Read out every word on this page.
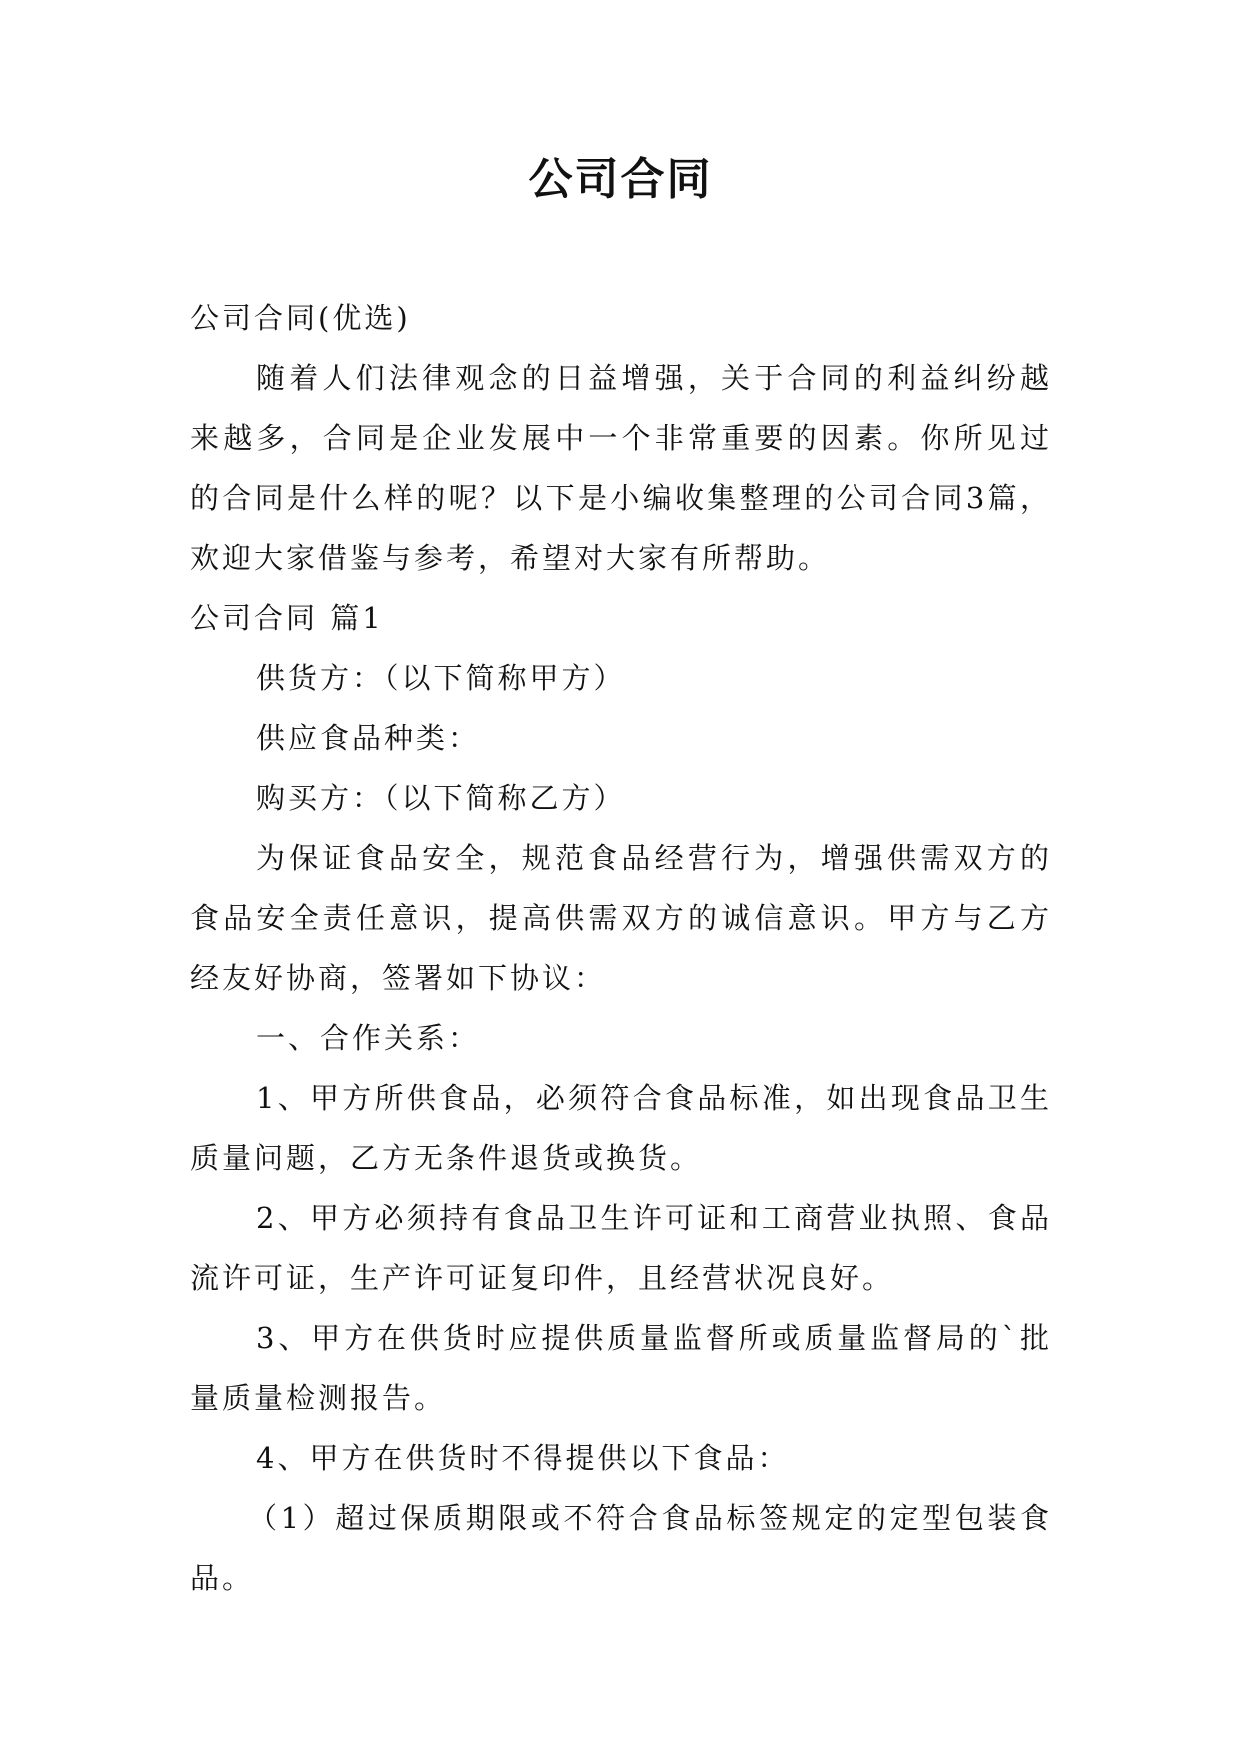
公司合同

公司合同(优选)

随着人们法律观念的日益增强，关于合同的利益纠纷越来越多，合同是企业发展中一个非常重要的因素。你所见过的合同是什么样的呢？以下是小编收集整理的公司合同3篇，欢迎大家借鉴与参考，希望对大家有所帮助。

公司合同 篇1

供货方：（以下简称甲方）

供应食品种类：

购买方：（以下简称乙方）

为保证食品安全，规范食品经营行为，增强供需双方的食品安全责任意识，提高供需双方的诚信意识。甲方与乙方经友好协商，签署如下协议：

一、合作关系：

1、甲方所供食品，必须符合食品标准，如出现食品卫生质量问题，乙方无条件退货或换货。

2、甲方必须持有食品卫生许可证和工商营业执照、食品流许可证，生产许可证复印件，且经营状况良好。

3、甲方在供货时应提供质量监督所或质量监督局的`批量质量检测报告。

4、甲方在供货时不得提供以下食品：

（1）超过保质期限或不符合食品标签规定的定型包装食品。
